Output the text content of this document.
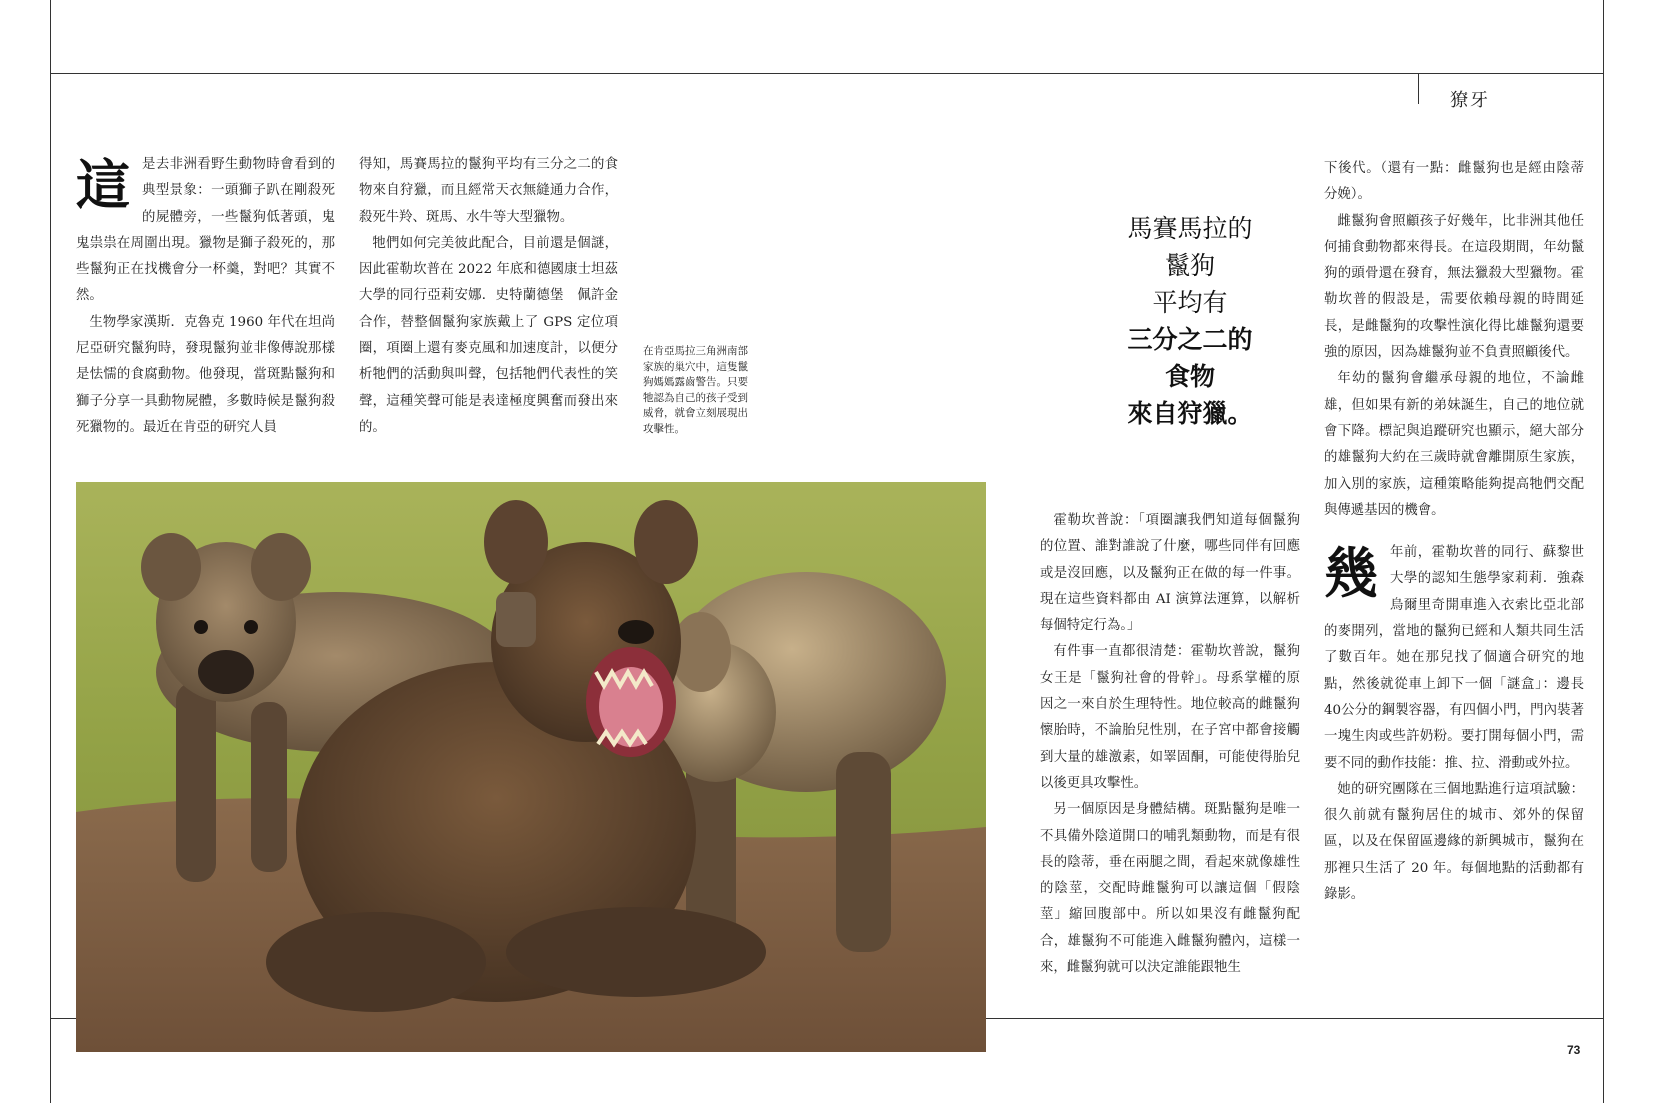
獠牙
這 是去非洲看野生動物時會看到的典型景象：一頭獅子趴在剛殺死的屍體旁，一些鬣狗低著頭，鬼鬼祟祟在周圍出現。獵物是獅子殺死的，那些鬣狗正在找機會分一杯羹，對吧？其實不然。

生物學家漢斯．克魯克 1960 年代在坦尚尼亞研究鬣狗時，發現鬣狗並非像傳說那樣是怯懦的食腐動物。他發現，當斑點鬣狗和獅子分享一具動物屍體，多數時候是鬣狗殺死獵物的。最近在肯亞的研究人員

得知，馬賽馬拉的鬣狗平均有三分之二的食物來自狩獵，而且經常天衣無縫通力合作，殺死牛羚、斑馬、水牛等大型獵物。

牠們如何完美彼此配合，目前還是個謎，因此霍勒坎普在 2022 年底和德國康士坦茲大學的同行亞莉安娜．史特蘭德堡　佩許金合作，替整個鬣狗家族戴上了 GPS 定位項圈，項圈上還有麥克風和加速度計，以便分析牠們的活動與叫聲，包括牠們代表性的笑聲，這種笑聲可能是表達極度興奮而發出來的。

在肯亞馬拉三角洲南部家族的巢穴中，這隻鬣狗媽媽露齒警告。只要牠認為自己的孩子受到威脅，就會立刻展現出攻擊性。
馬賽馬拉的
鬣狗
平均有
三分之二的
食物
來自狩獵。

霍勒坎普說：「項圈讓我們知道每個鬣狗的位置、誰對誰說了什麼，哪些同伴有回應或是沒回應，以及鬣狗正在做的每一件事。現在這些資料都由 AI 演算法運算，以解析每個特定行為。」

有件事一直都很清楚：霍勒坎普說，鬣狗女王是「鬣狗社會的骨幹」。母系掌權的原因之一來自於生理特性。地位較高的雌鬣狗懷胎時，不論胎兒性別，在子宮中都會接觸到大量的雄激素，如睪固酮，可能使得胎兒以後更具攻擊性。

另一個原因是身體結構。斑點鬣狗是唯一不具備外陰道開口的哺乳類動物，而是有很長的陰蒂，垂在兩腿之間，看起來就像雄性的陰莖，交配時雌鬣狗可以讓這個「假陰莖」縮回腹部中。所以如果沒有雌鬣狗配合，雄鬣狗不可能進入雌鬣狗體內，這樣一來，雌鬣狗就可以決定誰能跟牠生

下後代。（還有一點：雌鬣狗也是經由陰蒂分娩）。

雌鬣狗會照顧孩子好幾年，比非洲其他任何捕食動物都來得長。在這段期間，年幼鬣狗的頭骨還在發育，無法獵殺大型獵物。霍勒坎普的假設是，需要依賴母親的時間延長，是雌鬣狗的攻擊性演化得比雄鬣狗還要強的原因，因為雄鬣狗並不負責照顧後代。

年幼的鬣狗會繼承母親的地位，不論雌雄，但如果有新的弟妹誕生，自己的地位就會下降。標記與追蹤研究也顯示，絕大部分的雄鬣狗大約在三歲時就會離開原生家族，加入別的家族，這種策略能夠提高牠們交配與傳遞基因的機會。

幾 年前，霍勒坎普的同行、蘇黎世大學的認知生態學家莉莉．強森　烏爾里奇開車進入衣索比亞北部的麥開列，當地的鬣狗已經和人類共同生活了數百年。她在那兒找了個適合研究的地點，然後就從車上卸下一個「謎盒」：邊長 40公分的鋼製容器，有四個小門，門內裝著一塊生肉或些許奶粉。要打開每個小門，需要不同的動作技能：推、拉、滑動或外拉。

她的研究團隊在三個地點進行這項試驗：很久前就有鬣狗居住的城市、郊外的保留區，以及在保留區邊緣的新興城市，鬣狗在那裡只生活了 20 年。每個地點的活動都有錄影。

73
